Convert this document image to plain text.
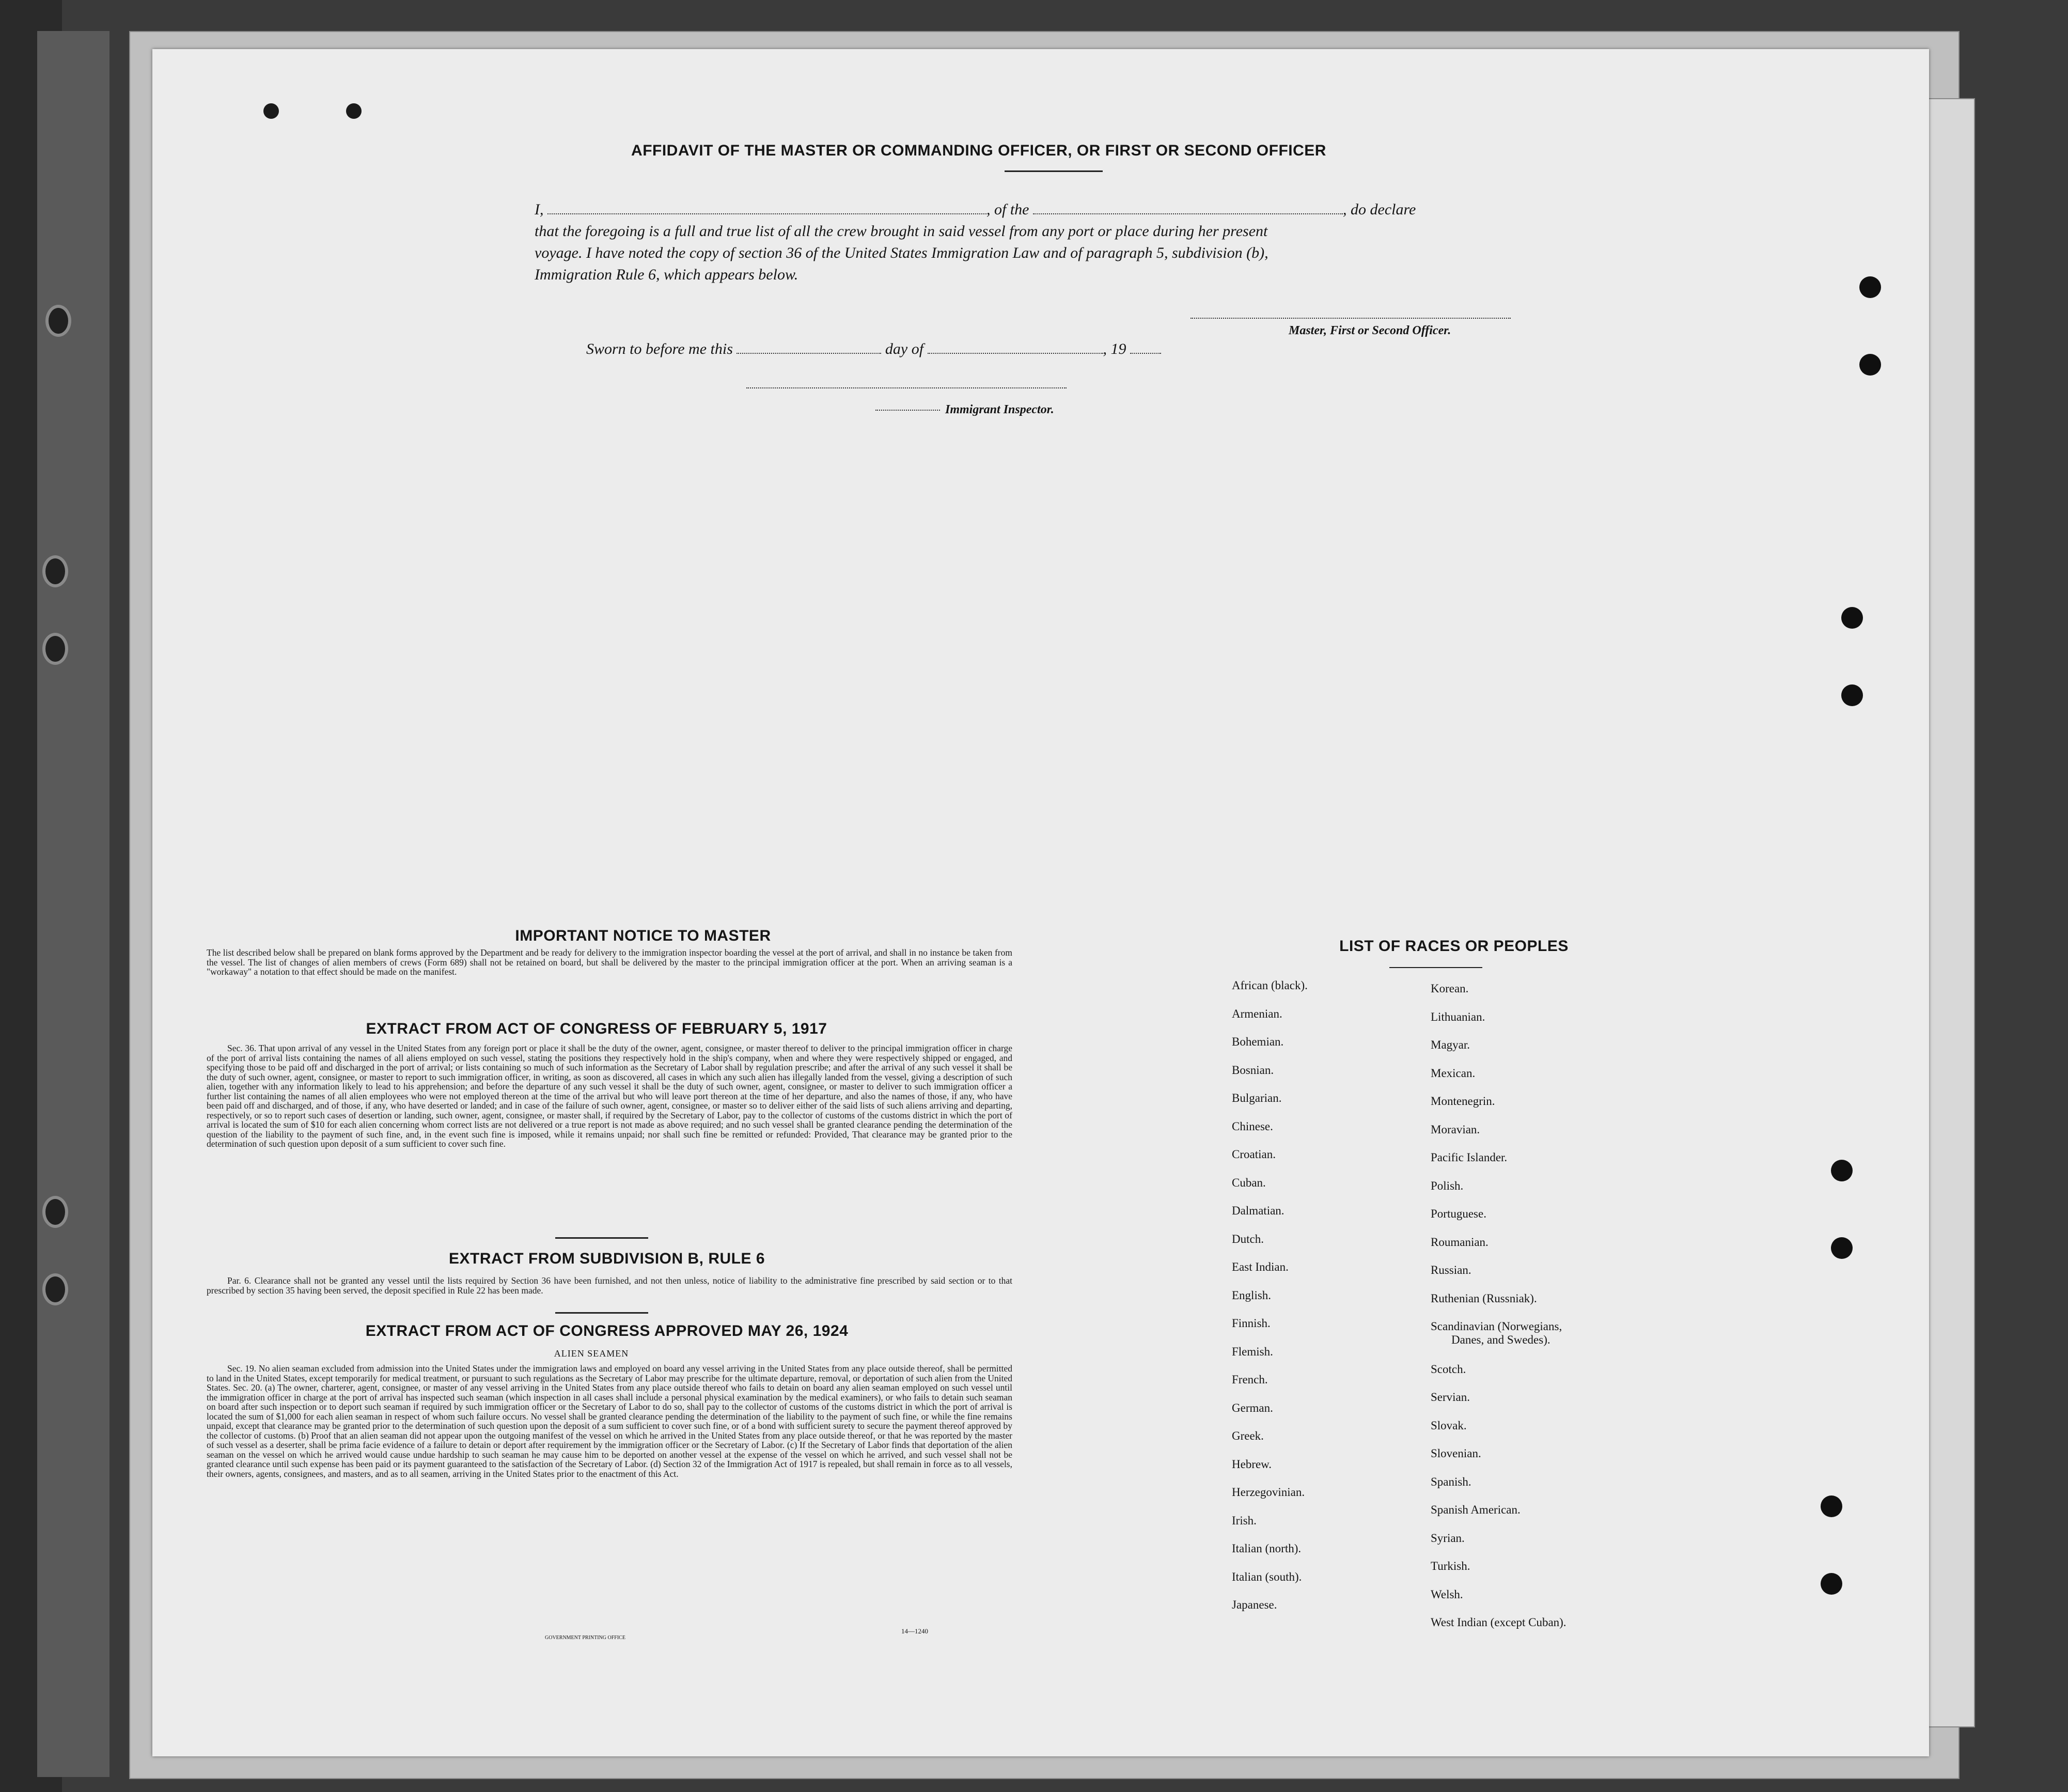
AFFIDAVIT OF THE MASTER OR COMMANDING OFFICER, OR FIRST OR SECOND OFFICER
I,	, of the	, do declare
that the foregoing is a full and true list of all the crew brought in said vessel from any port or place during her present
voyage. I have noted the copy of section 36 of the United States Immigration Law and of paragraph 5, subdivision (b),
Immigration Rule 6, which appears below.
Master, First or Second Officer.
Sworn to before me this	day of	, 19
Immigrant Inspector.
IMPORTANT NOTICE TO MASTER
The list described below shall be prepared on blank forms approved by the Department and be ready for delivery to the immigration inspector boarding the vessel at the port of arrival, and shall in no instance be taken from the vessel. The list of changes of alien members of crews (Form 689) shall not be retained on board, but shall be delivered by the master to the principal immigration officer at the port. When an arriving seaman is a "workaway" a notation to that effect should be made on the manifest.
EXTRACT FROM ACT OF CONGRESS OF FEBRUARY 5, 1917
Sec. 36. That upon arrival of any vessel in the United States from any foreign port or place it shall be the duty of the owner, agent, consignee, or master thereof to deliver to the principal immigration officer in charge of the port of arrival lists containing the names of all aliens employed on such vessel, stating the positions they respectively hold in the ship's company, when and where they were respectively shipped or engaged, and specifying those to be paid off and discharged in the port of arrival; or lists containing so much of such information as the Secretary of Labor shall by regulation prescribe; and after the arrival of any such vessel it shall be the duty of such owner, agent, consignee, or master to report to such immigration officer, in writing, as soon as discovered, all cases in which any such alien has illegally landed from the vessel, giving a description of such alien, together with any information likely to lead to his apprehension; and before the departure of any such vessel it shall be the duty of such owner, agent, consignee, or master to deliver to such immigration officer a further list containing the names of all alien employees who were not employed thereon at the time of the arrival but who will leave port thereon at the time of her departure, and also the names of those, if any, who have been paid off and discharged, and of those, if any, who have deserted or landed; and in case of the failure of such owner, agent, consignee, or master so to deliver either of the said lists of such aliens arriving and departing, respectively, or so to report such cases of desertion or landing, such owner, agent, consignee, or master shall, if required by the Secretary of Labor, pay to the collector of customs of the customs district in which the port of arrival is located the sum of $10 for each alien concerning whom correct lists are not delivered or a true report is not made as above required; and no such vessel shall be granted clearance pending the determination of the question of the liability to the payment of such fine, and, in the event such fine is imposed, while it remains unpaid; nor shall such fine be remitted or refunded: Provided, That clearance may be granted prior to the determination of such question upon deposit of a sum sufficient to cover such fine.
EXTRACT FROM SUBDIVISION B, RULE 6
Par. 6. Clearance shall not be granted any vessel until the lists required by Section 36 have been furnished, and not then unless, notice of liability to the administrative fine prescribed by said section or to that prescribed by section 35 having been served, the deposit specified in Rule 22 has been made.
EXTRACT FROM ACT OF CONGRESS APPROVED MAY 26, 1924
ALIEN SEAMEN
Sec. 19. No alien seaman excluded from admission into the United States under the immigration laws and employed on board any vessel arriving in the United States from any place outside thereof, shall be permitted to land in the United States, except temporarily for medical treatment, or pursuant to such regulations as the Secretary of Labor may prescribe for the ultimate departure, removal, or deportation of such alien from the United States. Sec. 20. (a) The owner, charterer, agent, consignee, or master of any vessel arriving in the United States from any place outside thereof who fails to detain on board any alien seaman employed on such vessel until the immigration officer in charge at the port of arrival has inspected such seaman (which inspection in all cases shall include a personal physical examination by the medical examiners), or who fails to detain such seaman on board after such inspection or to deport such seaman if required by such immigration officer or the Secretary of Labor to do so, shall pay to the collector of customs of the customs district in which the port of arrival is located the sum of $1,000 for each alien seaman in respect of whom such failure occurs. No vessel shall be granted clearance pending the determination of the liability to the payment of such fine, or while the fine remains unpaid, except that clearance may be granted prior to the determination of such question upon the deposit of a sum sufficient to cover such fine, or of a bond with sufficient surety to secure the payment thereof approved by the collector of customs. (b) Proof that an alien seaman did not appear upon the outgoing manifest of the vessel on which he arrived in the United States from any place outside thereof, or that he was reported by the master of such vessel as a deserter, shall be prima facie evidence of a failure to detain or deport after requirement by the immigration officer or the Secretary of Labor. (c) If the Secretary of Labor finds that deportation of the alien seaman on the vessel on which he arrived would cause undue hardship to such seaman he may cause him to be deported on another vessel at the expense of the vessel on which he arrived, and such vessel shall not be granted clearance until such expense has been paid or its payment guaranteed to the satisfaction of the Secretary of Labor. (d) Section 32 of the Immigration Act of 1917 is repealed, but shall remain in force as to all vessels, their owners, agents, consignees, and masters, and as to all seamen, arriving in the United States prior to the enactment of this Act.
GOVERNMENT PRINTING OFFICE
14—1240
LIST OF RACES OR PEOPLES
African (black).
Armenian.
Bohemian.
Bosnian.
Bulgarian.
Chinese.
Croatian.
Cuban.
Dalmatian.
Dutch.
East Indian.
English.
Finnish.
Flemish.
French.
German.
Greek.
Hebrew.
Herzegovinian.
Irish.
Italian (north).
Italian (south).
Japanese.
Korean.
Lithuanian.
Magyar.
Mexican.
Montenegrin.
Moravian.
Pacific Islander.
Polish.
Portuguese.
Roumanian.
Russian.
Ruthenian (Russniak).
Scandinavian (Norwegians,
Danes, and Swedes).
Scotch.
Servian.
Slovak.
Slovenian.
Spanish.
Spanish American.
Syrian.
Turkish.
Welsh.
West Indian (except Cuban).
